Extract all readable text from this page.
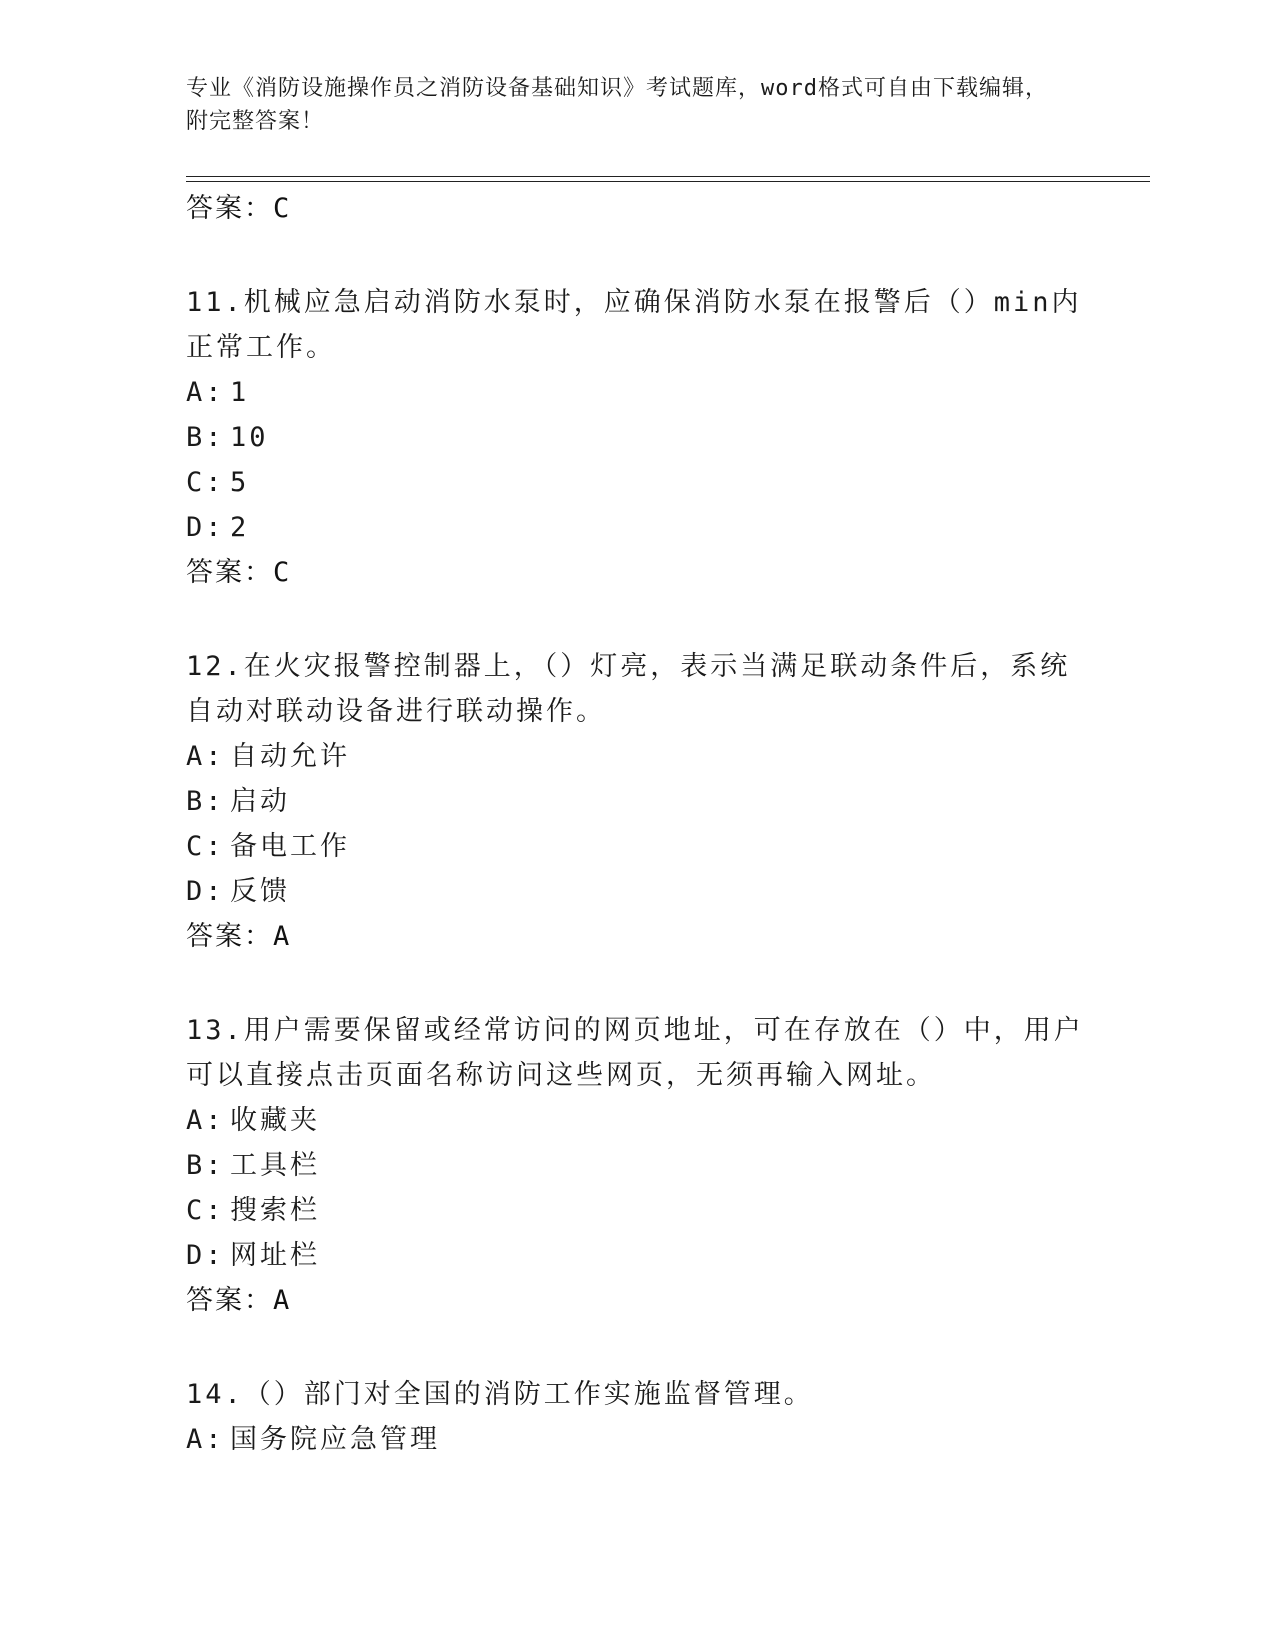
专业《消防设施操作员之消防设备基础知识》考试题库，word格式可自由下载编辑，附完整答案！
答案：C

11.机械应急启动消防水泵时，应确保消防水泵在报警后（）min内正常工作。

A: 1
B: 10
C: 5
D: 2
答案：C

12.在火灾报警控制器上，（）灯亮，表示当满足联动条件后，系统自动对联动设备进行联动操作。

A: 自动允许
B: 启动
C: 备电工作
D: 反馈
答案：A

13.用户需要保留或经常访问的网页地址，可在存放在（）中，用户可以直接点击页面名称访问这些网页，无须再输入网址。

A: 收藏夹
B: 工具栏
C: 搜索栏
D: 网址栏
答案：A

14.（）部门对全国的消防工作实施监督管理。

A: 国务院应急管理
